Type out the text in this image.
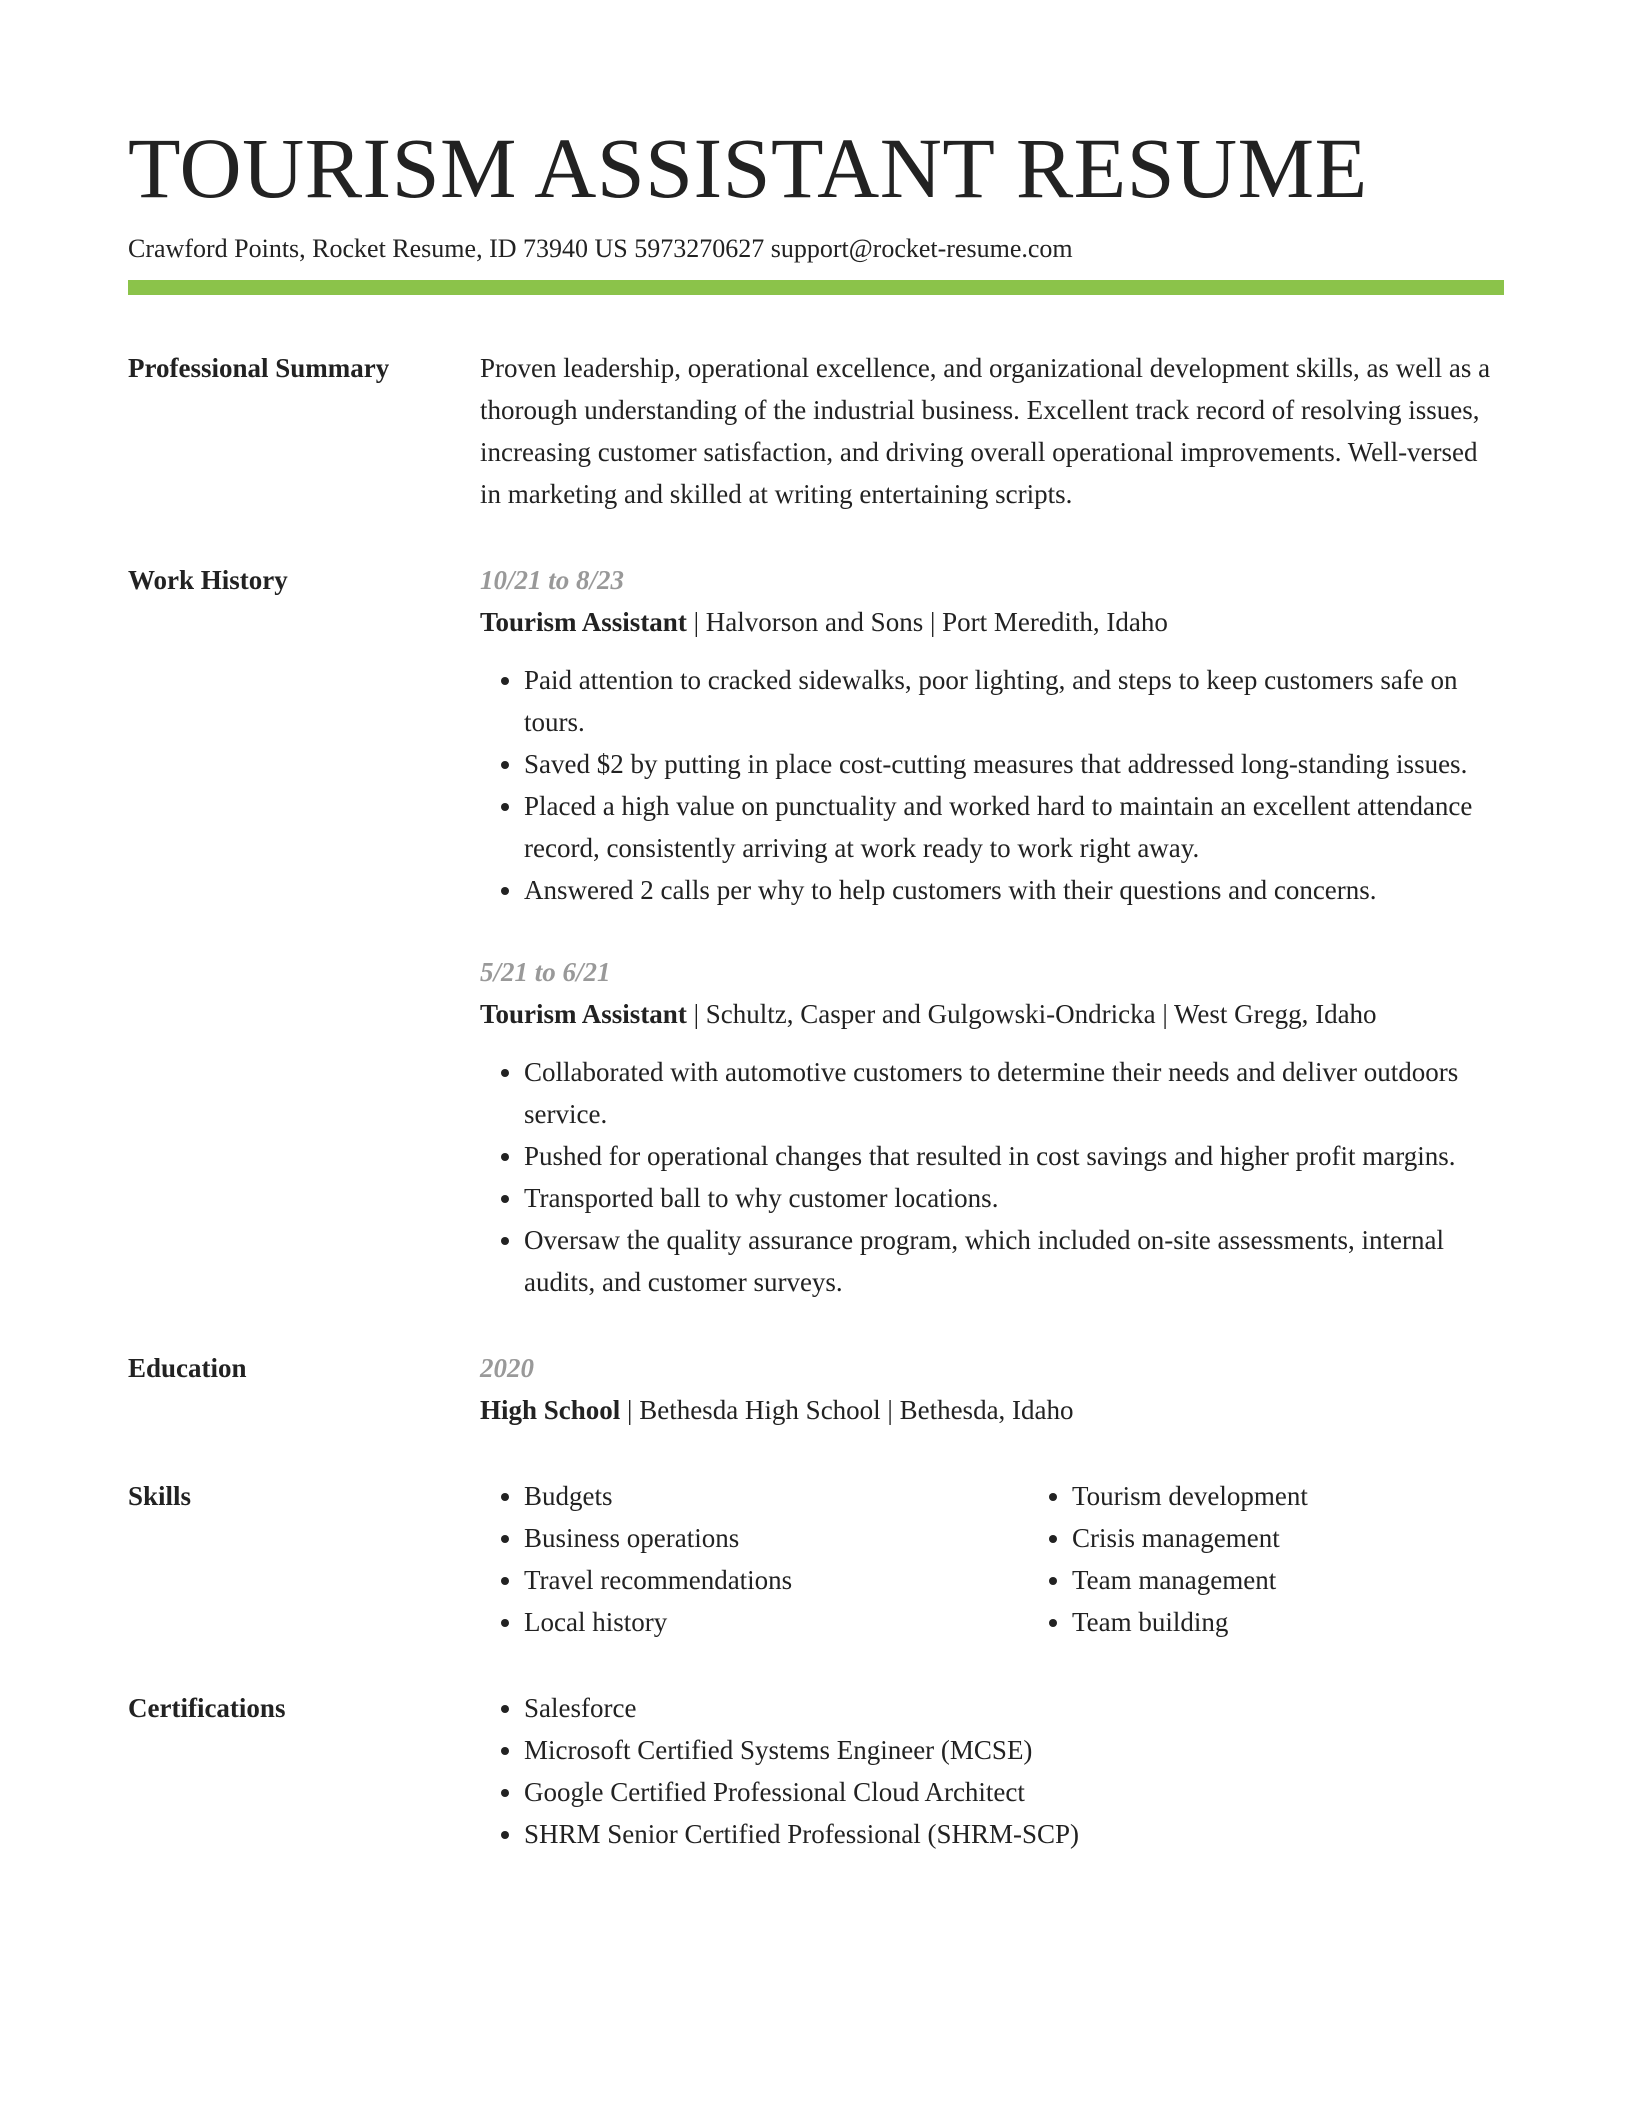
TOURISM ASSISTANT RESUME
Crawford Points, Rocket Resume, ID 73940 US 5973270627 support@rocket-resume.com
Professional Summary	Proven leadership, operational excellence, and organizational development skills, as well as a thorough understanding of the industrial business. Excellent track record of resolving issues, increasing customer satisfaction, and driving overall operational improvements. Well-versed in marketing and skilled at writing entertaining scripts.

Work History	10/21 to 8/23

Tourism Assistant | Halvorson and Sons | Port Meredith, Idaho

• Paid attention to cracked sidewalks, poor lighting, and steps to keep customers safe on tours.
• Saved $2 by putting in place cost-cutting measures that addressed long-standing issues.
• Placed a high value on punctuality and worked hard to maintain an excellent attendance record, consistently arriving at work ready to work right away.
• Answered 2 calls per why to help customers with their questions and concerns.
5/21 to 6/21

Tourism Assistant | Schultz, Casper and Gulgowski-Ondricka | West Gregg, Idaho

• Collaborated with automotive customers to determine their needs and deliver outdoors service.
• Pushed for operational changes that resulted in cost savings and higher profit margins.
• Transported ball to why customer locations.
• Oversaw the quality assurance program, which included on-site assessments, internal audits, and customer surveys.
Education	2020

High School | Bethesda High School | Bethesda, Idaho

Skills	• Budgets
• Business operations
• Travel recommendations
• Local history
• Tourism development
• Crisis management
• Team management
• Team building
Certifications	• Salesforce
• Microsoft Certified Systems Engineer (MCSE)
• Google Certified Professional Cloud Architect
• SHRM Senior Certified Professional (SHRM-SCP)
